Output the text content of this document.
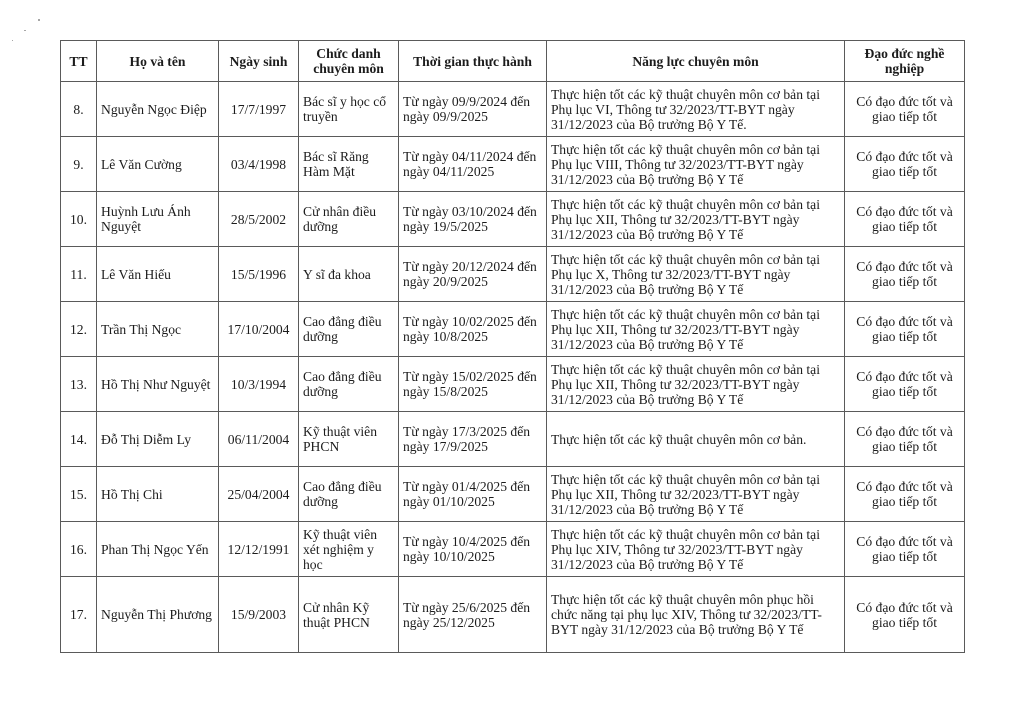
TT	Họ và tên	Ngày sinh	Chức danh chuyên môn	Thời gian thực hành	Năng lực chuyên môn	Đạo đức nghề nghiệp
8.	Nguyễn Ngọc Điệp	17/7/1997	Bác sĩ y học cổ truyền	Từ ngày 09/9/2024 đến ngày 09/9/2025	Thực hiện tốt các kỹ thuật chuyên môn cơ bản tại Phụ lục VI, Thông tư 32/2023/TT-BYT ngày 31/12/2023 của Bộ trưởng Bộ Y Tế.	Có đạo đức tốt và giao tiếp tốt
9.	Lê Văn Cường	03/4/1998	Bác sĩ Răng Hàm Mặt	Từ ngày 04/11/2024 đến ngày 04/11/2025	Thực hiện tốt các kỹ thuật chuyên môn cơ bản tại Phụ lục VIII, Thông tư 32/2023/TT-BYT ngày 31/12/2023 của Bộ trưởng Bộ Y Tế	Có đạo đức tốt và giao tiếp tốt
10.	Huỳnh Lưu Ánh Nguyệt	28/5/2002	Cử nhân điều dưỡng	Từ ngày 03/10/2024 đến ngày 19/5/2025	Thực hiện tốt các kỹ thuật chuyên môn cơ bản tại Phụ lục XII, Thông tư 32/2023/TT-BYT ngày 31/12/2023 của Bộ trưởng Bộ Y Tế	Có đạo đức tốt và giao tiếp tốt
11.	Lê Văn Hiếu	15/5/1996	Y sĩ đa khoa	Từ ngày 20/12/2024 đến ngày 20/9/2025	Thực hiện tốt các kỹ thuật chuyên môn cơ bản tại Phụ lục X, Thông tư 32/2023/TT-BYT ngày 31/12/2023 của Bộ trưởng Bộ Y Tế	Có đạo đức tốt và giao tiếp tốt
12.	Trần Thị Ngọc	17/10/2004	Cao đẳng điều dưỡng	Từ ngày 10/02/2025 đến ngày 10/8/2025	Thực hiện tốt các kỹ thuật chuyên môn cơ bản tại Phụ lục XII, Thông tư 32/2023/TT-BYT ngày 31/12/2023 của Bộ trưởng Bộ Y Tế	Có đạo đức tốt và giao tiếp tốt
13.	Hồ Thị Như Nguyệt	10/3/1994	Cao đẳng điều dưỡng	Từ ngày 15/02/2025 đến ngày 15/8/2025	Thực hiện tốt các kỹ thuật chuyên môn cơ bản tại Phụ lục XII, Thông tư 32/2023/TT-BYT ngày 31/12/2023 của Bộ trưởng Bộ Y Tế	Có đạo đức tốt và giao tiếp tốt
14.	Đỗ Thị Diễm Ly	06/11/2004	Kỹ thuật viên PHCN	Từ ngày 17/3/2025 đến ngày 17/9/2025	Thực hiện tốt các kỹ thuật chuyên môn cơ bản.	Có đạo đức tốt và giao tiếp tốt
15.	Hồ Thị Chi	25/04/2004	Cao đẳng điều dưỡng	Từ ngày 01/4/2025 đến ngày 01/10/2025	Thực hiện tốt các kỹ thuật chuyên môn cơ bản tại Phụ lục XII, Thông tư 32/2023/TT-BYT ngày 31/12/2023 của Bộ trưởng Bộ Y Tế	Có đạo đức tốt và giao tiếp tốt
16.	Phan Thị Ngọc Yến	12/12/1991	Kỹ thuật viên xét nghiệm y học	Từ ngày 10/4/2025 đến ngày 10/10/2025	Thực hiện tốt các kỹ thuật chuyên môn cơ bản tại Phụ lục XIV, Thông tư 32/2023/TT-BYT ngày 31/12/2023 của Bộ trưởng Bộ Y Tế	Có đạo đức tốt và giao tiếp tốt
17.	Nguyễn Thị Phương	15/9/2003	Cử nhân Kỹ thuật PHCN	Từ ngày 25/6/2025 đến ngày 25/12/2025	Thực hiện tốt các kỹ thuật chuyên môn phục hồi chức năng tại phụ lục XIV, Thông tư 32/2023/TT-BYT ngày 31/12/2023 của Bộ trưởng Bộ Y Tế	Có đạo đức tốt và giao tiếp tốt
